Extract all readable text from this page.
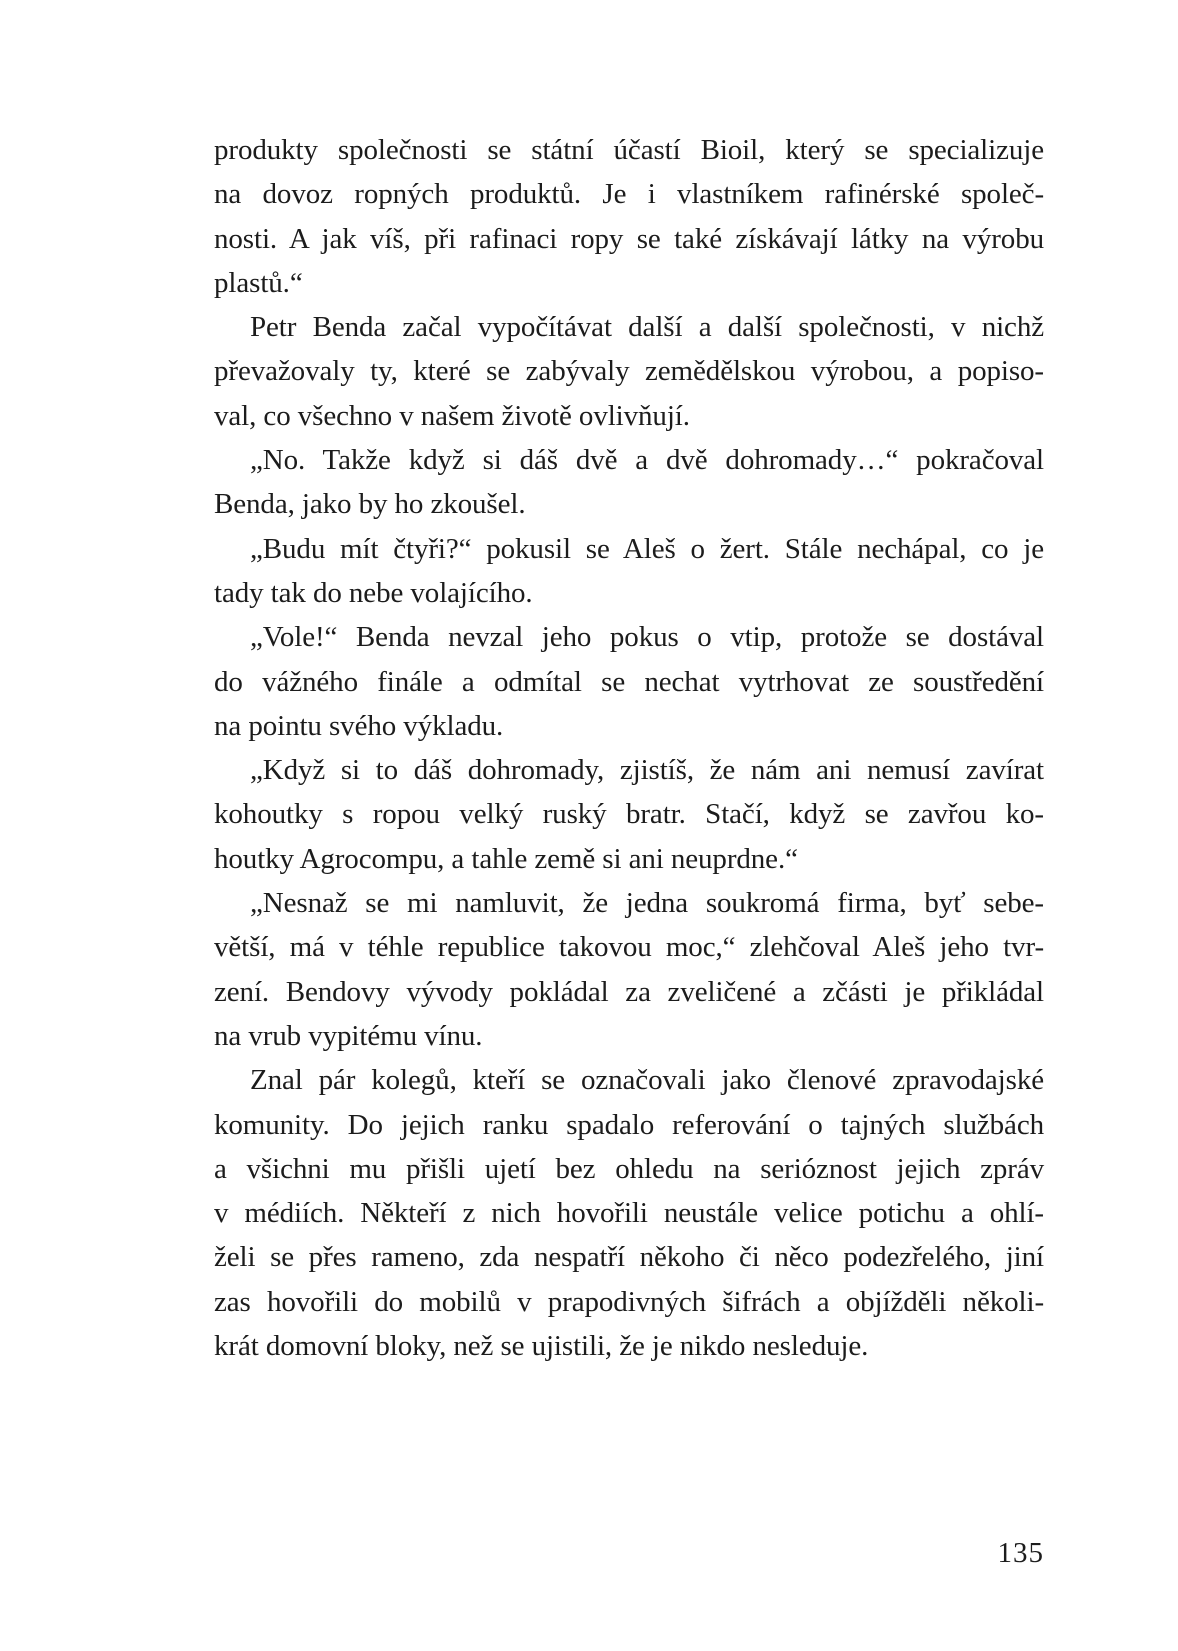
produkty společnosti se státní účastí Bioil, který se specializuje
na dovoz ropných produktů. Je i vlastníkem rafinérské společ-
nosti. A jak víš, při rafinaci ropy se také získávají látky na výrobu
plastů.“
Petr Benda začal vypočítávat další a další společnosti, v nichž
převažovaly ty, které se zabývaly zemědělskou výrobou, a popiso-
val, co všechno v našem životě ovlivňují.
„No. Takže když si dáš dvě a dvě dohromady…“ pokračoval
Benda, jako by ho zkoušel.
„Budu mít čtyři?“ pokusil se Aleš o žert. Stále nechápal, co je
tady tak do nebe volajícího.
„Vole!“ Benda nevzal jeho pokus o vtip, protože se dostával
do vážného finále a odmítal se nechat vytrhovat ze soustředění
na pointu svého výkladu.
„Když si to dáš dohromady, zjistíš, že nám ani nemusí zavírat
kohoutky s ropou velký ruský bratr. Stačí, když se zavřou ko-
houtky Agrocompu, a tahle země si ani neuprdne.“
„Nesnaž se mi namluvit, že jedna soukromá firma, byť sebe-
větší, má v téhle republice takovou moc,“ zlehčoval Aleš jeho tvr-
zení. Bendovy vývody pokládal za zveličené a zčásti je přikládal
na vrub vypitému vínu.
Znal pár kolegů, kteří se označovali jako členové zpravodajské
komunity. Do jejich ranku spadalo referování o tajných službách
a všichni mu přišli ujetí bez ohledu na serióznost jejich zpráv
v médiích. Někteří z nich hovořili neustále velice potichu a ohlí-
želi se přes rameno, zda nespatří někoho či něco podezřelého, jiní
zas hovořili do mobilů v prapodivných šifrách a objížděli několi-
krát domovní bloky, než se ujistili, že je nikdo nesleduje.
135
